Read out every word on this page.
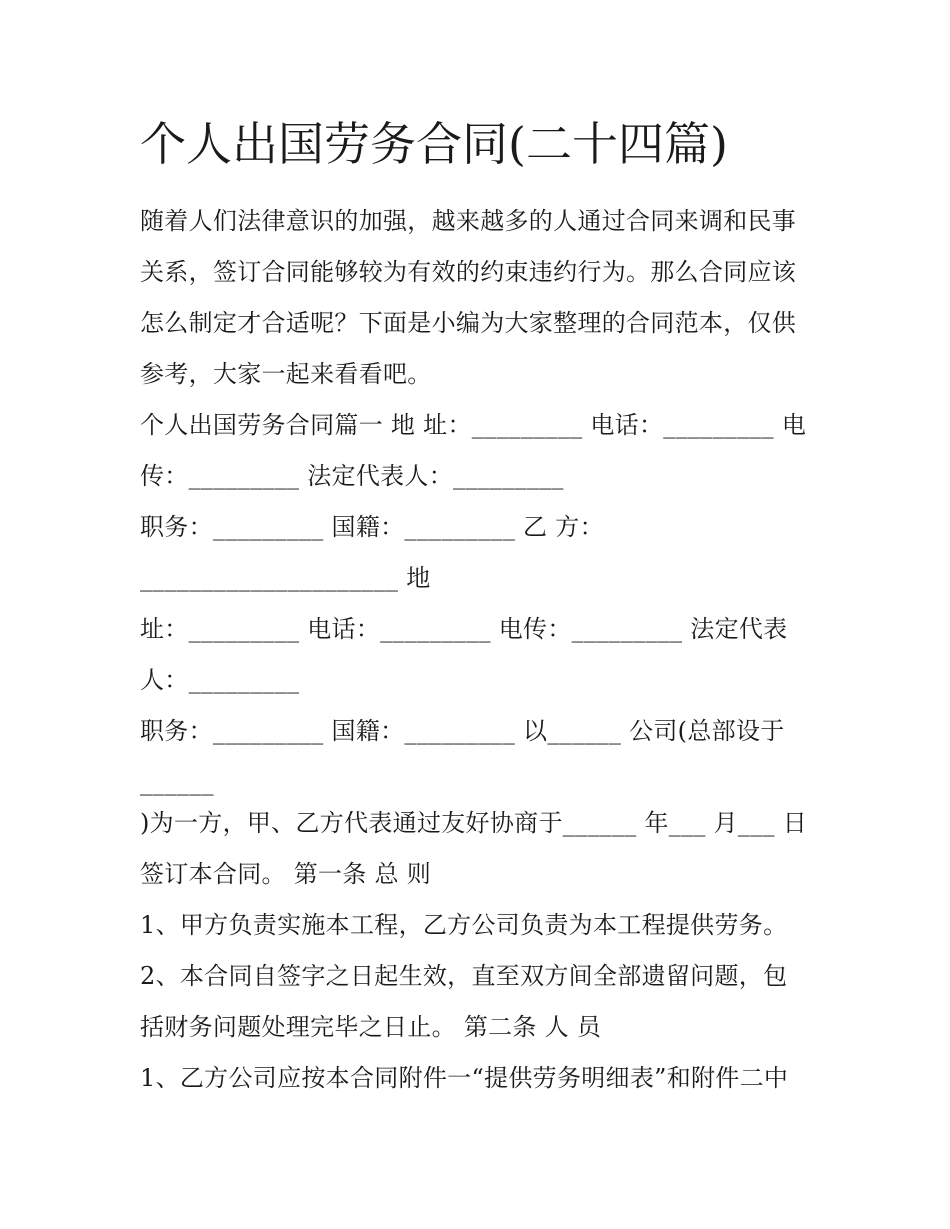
个人出国劳务合同(二十四篇)

随着人们法律意识的加强，越来越多的人通过合同来调和民事

关系，签订合同能够较为有效的约束违约行为。那么合同应该

怎么制定才合适呢？下面是小编为大家整理的合同范本，仅供

参考，大家一起来看看吧。

个人出国劳务合同篇一 地 址：_________ 电话：_________ 电

传：_________ 法定代表人：_________

职务：_________ 国籍：_________ 乙 方：

_____________________ 地

址：_________ 电话：_________ 电传：_________ 法定代表

人：_________

职务：_________ 国籍：_________ 以______ 公司(总部设于

______

)为一方，甲、乙方代表通过友好协商于______ 年___ 月___ 日

签订本合同。 第一条 总 则

1、甲方负责实施本工程，乙方公司负责为本工程提供劳务。

2、本合同自签字之日起生效，直至双方间全部遗留问题，包

括财务问题处理完毕之日止。 第二条 人 员

1、乙方公司应按本合同附件一“提供劳务明细表”和附件二中
